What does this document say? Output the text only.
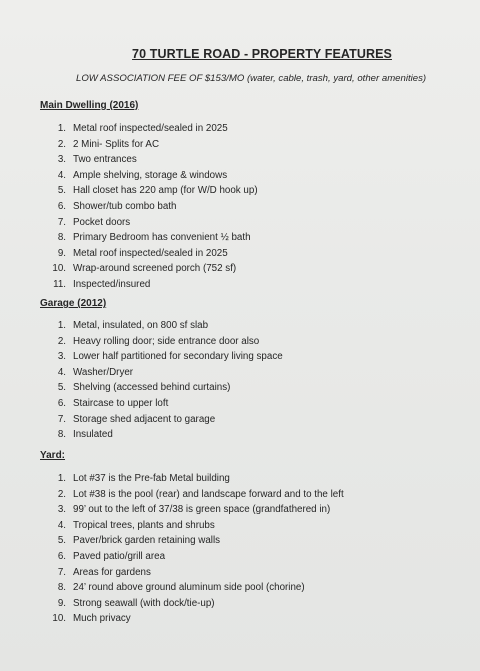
70 TURTLE ROAD - PROPERTY FEATURES
LOW ASSOCIATION FEE OF $153/MO (water, cable, trash, yard, other amenities)
Main Dwelling (2016)
1. Metal roof inspected/sealed in 2025
2. 2 Mini- Splits for AC
3. Two entrances
4. Ample shelving, storage & windows
5. Hall closet has 220 amp (for W/D hook up)
6. Shower/tub combo bath
7. Pocket doors
8. Primary Bedroom has convenient ½ bath
9. Metal roof inspected/sealed in 2025
10. Wrap-around screened porch (752 sf)
11. Inspected/insured
Garage (2012)
1. Metal, insulated, on 800 sf slab
2. Heavy rolling door; side entrance door also
3. Lower half partitioned for secondary living space
4. Washer/Dryer
5. Shelving (accessed behind curtains)
6. Staircase to upper loft
7. Storage shed adjacent to garage
8. Insulated
Yard:
1. Lot #37 is the Pre-fab Metal building
2. Lot #38 is the pool (rear) and landscape forward and to the left
3. 99’ out to the left of 37/38 is green space (grandfathered in)
4. Tropical trees, plants and shrubs
5. Paver/brick garden retaining walls
6. Paved patio/grill area
7. Areas for gardens
8. 24’ round above ground aluminum side pool (chorine)
9. Strong seawall (with dock/tie-up)
10. Much privacy
